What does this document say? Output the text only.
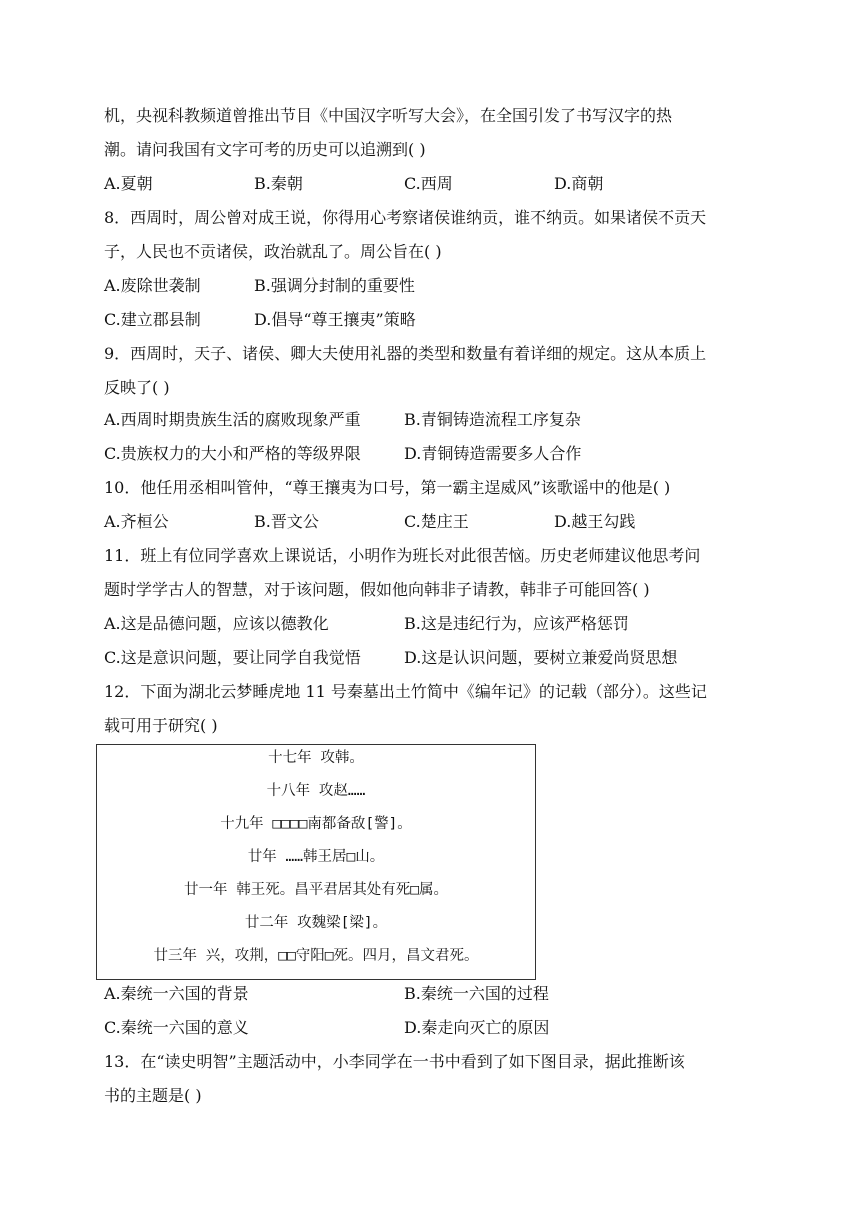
机，央视科教频道曾推出节目《中国汉字听写大会》，在全国引发了书写汉字的热
潮。请问我国有文字可考的历史可以追溯到( )
A.夏朝	B.秦朝	C.西周	D.商朝
8．西周时，周公曾对成王说，你得用心考察诸侯谁纳贡，谁不纳贡。如果诸侯不贡天
子，人民也不贡诸侯，政治就乱了。周公旨在( )
A.废除世袭制	B.强调分封制的重要性
C.建立郡县制	D.倡导“尊王攘夷”策略
9．西周时，天子、诸侯、卿大夫使用礼器的类型和数量有着详细的规定。这从本质上
反映了( )
A.西周时期贵族生活的腐败现象严重	B.青铜铸造流程工序复杂
C.贵族权力的大小和严格的等级界限	D.青铜铸造需要多人合作
10．他任用丞相叫管仲，“尊王攘夷为口号，第一霸主逞威风”该歌谣中的他是( )
A.齐桓公	B.晋文公	C.楚庄王	D.越王勾践
11．班上有位同学喜欢上课说话，小明作为班长对此很苦恼。历史老师建议他思考问
题时学学古人的智慧，对于该问题，假如他向韩非子请教，韩非子可能回答( )
A.这是品德问题，应该以德教化	B.这是违纪行为，应该严格惩罚
C.这是意识问题，要让同学自我觉悟	D.这是认识问题，要树立兼爱尚贤思想
12．下面为湖北云梦睡虎地 11 号秦墓出土竹简中《编年记》的记载（部分）。这些记
载可用于研究( )
十七年 攻韩。
十八年 攻赵……
十九年 □□□□南都备敌[警]。
廿年 ……韩王居□山。
廿一年 韩王死。昌平君居其处有死□属。
廿二年 攻魏梁[梁]。
廿三年 兴，攻荆，□□守阳□死。四月，昌文君死。
A.秦统一六国的背景	B.秦统一六国的过程
C.秦统一六国的意义	D.秦走向灭亡的原因
13．在“读史明智”主题活动中，小李同学在一书中看到了如下图目录，据此推断该
书的主题是( )
